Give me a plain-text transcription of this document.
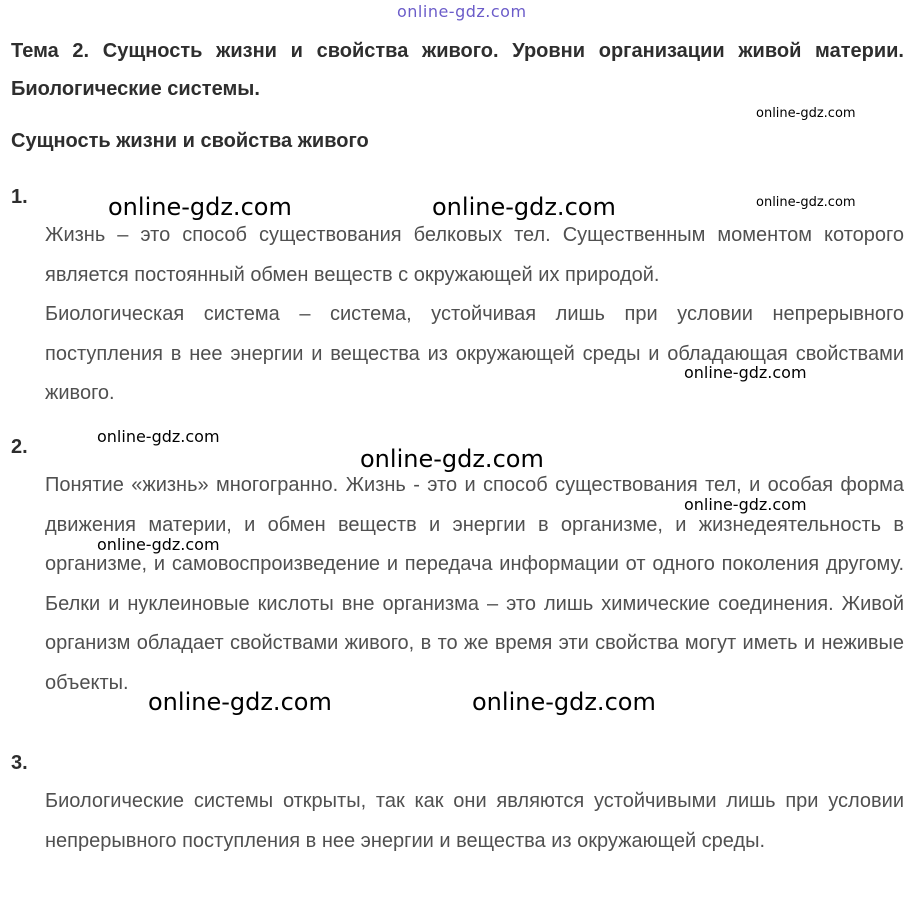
online-gdz.com
Тема 2. Сущность жизни и свойства живого. Уровни организации живой материи. Биологические системы.
Сущность жизни и свойства живого
1.

Жизнь – это способ существования белковых тел. Существенным моментом которого является постоянный обмен веществ с окружающей их природой.

Биологическая система – система, устойчивая лишь при условии непрерывного поступления в нее энергии и вещества из окружающей среды и обладающая свойствами живого.

2.

Понятие «жизнь» многогранно. Жизнь - это и способ существования тел, и особая форма движения материи, и обмен веществ и энергии в организме, и жизнедеятельность в организме, и самовоспроизведение и передача информации от одного поколения другому. Белки и нуклеиновые кислоты вне организма – это лишь химические соединения. Живой организм обладает свойствами живого, в то же время эти свойства могут иметь и неживые объекты.

3.

Биологические системы открыты, так как они являются устойчивыми лишь при условии непрерывного поступления в нее энергии и вещества из окружающей среды.

online-gdz.com
online-gdz.com
online-gdz.com	online-gdz.com
online-gdz.com
online-gdz.com
online-gdz.com
online-gdz.com
online-gdz.com
online-gdz.com	online-gdz.com
